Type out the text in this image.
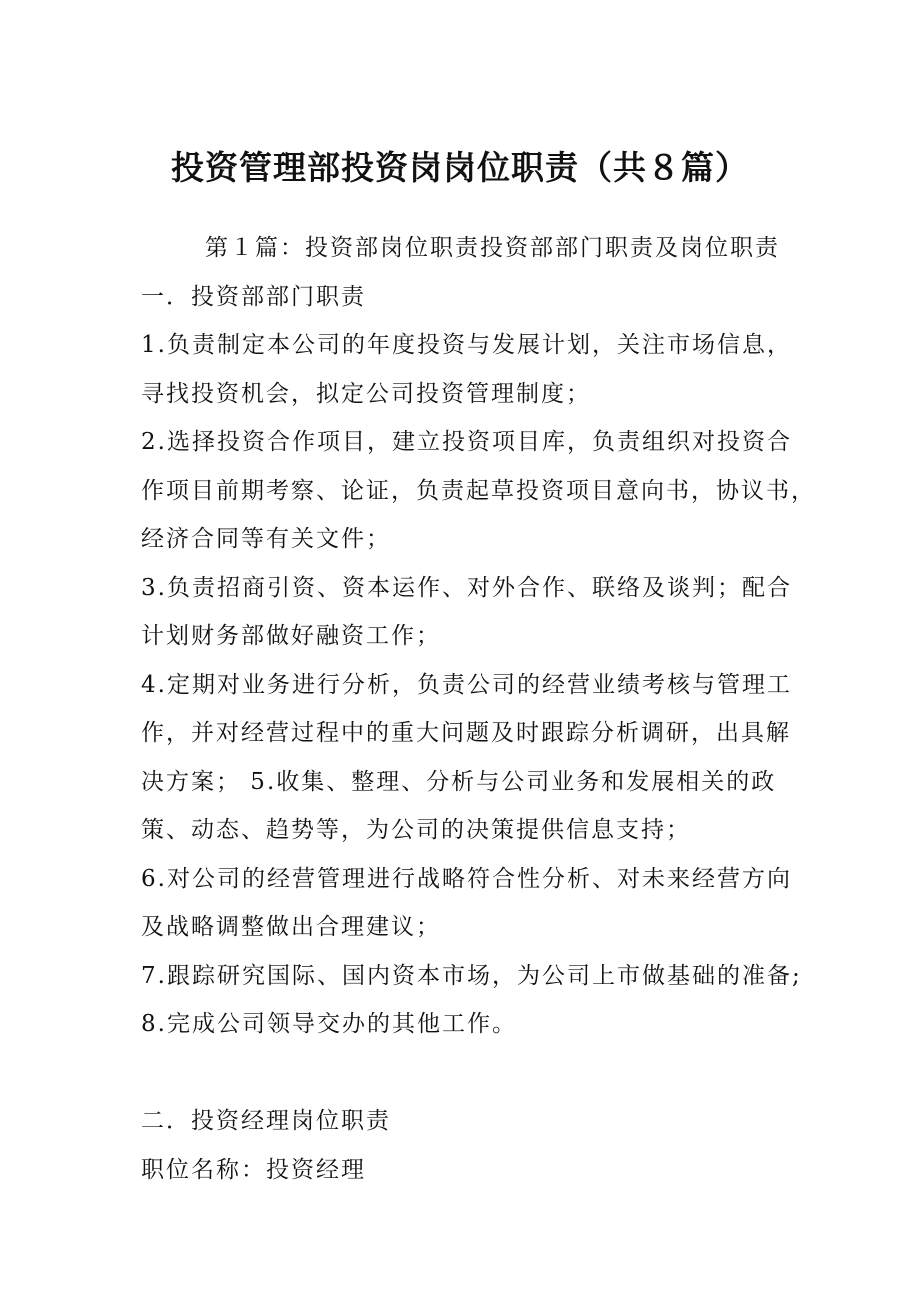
投资管理部投资岗岗位职责（共８篇）
第１篇：投资部岗位职责投资部部门职责及岗位职责
一．投资部部门职责
1.负责制定本公司的年度投资与发展计划，关注市场信息，
寻找投资机会，拟定公司投资管理制度；
2.选择投资合作项目，建立投资项目库，负责组织对投资合
作项目前期考察、论证，负责起草投资项目意向书，协议书，
经济合同等有关文件；
3.负责招商引资、资本运作、对外合作、联络及谈判；配合
计划财务部做好融资工作；
4.定期对业务进行分析，负责公司的经营业绩考核与管理工
作，并对经营过程中的重大问题及时跟踪分析调研，出具解
决方案； 5.收集、整理、分析与公司业务和发展相关的政
策、动态、趋势等，为公司的决策提供信息支持；
6.对公司的经营管理进行战略符合性分析、对未来经营方向
及战略调整做出合理建议；
7.跟踪研究国际、国内资本市场，为公司上市做基础的准备;
8.完成公司领导交办的其他工作。
二．投资经理岗位职责
职位名称：投资经理
